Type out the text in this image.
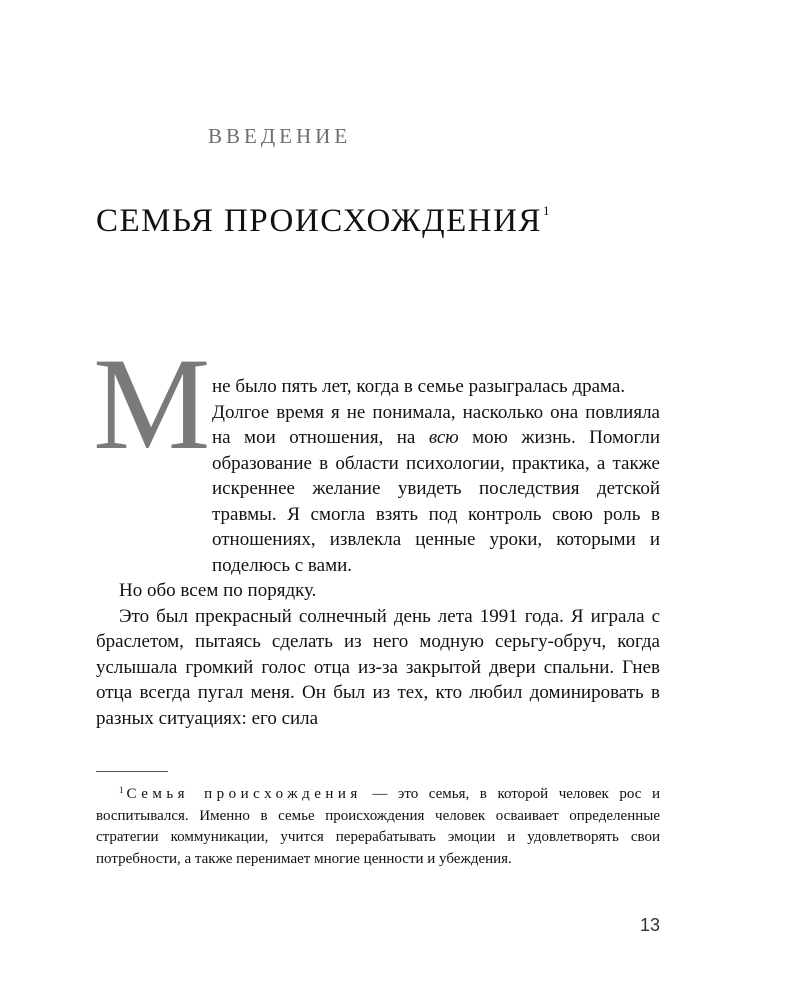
ВВЕДЕНИЕ
СЕМЬЯ ПРОИСХОЖДЕНИЯ$^1$
М не было пять лет, когда в семье разыгралась драма.

Долгое время я не понимала, насколько она повлияла на мои отношения, на всю мою жизнь. Помогли образование в области психологии, практика, а также искреннее желание увидеть последствия детской травмы. Я смогла взять под контроль свою роль в отношениях, извлекла ценные уроки, которыми и поделюсь с вами.

Но обо всем по порядку.

Это был прекрасный солнечный день лета 1991 года. Я играла с браслетом, пытаясь сделать из него модную серьгу-обруч, когда услышала громкий голос отца из-за закрытой двери спальни. Гнев отца всегда пугал меня. Он был из тех, кто любил доминировать в разных ситуациях: его сила

$^1$ Семья происхождения — это семья, в которой человек рос и воспитывался. Именно в семье происхождения человек осваивает определенные стратегии коммуникации, учится перерабатывать эмоции и удовлетворять свои потребности, а также перенимает многие ценности и убеждения.

13
